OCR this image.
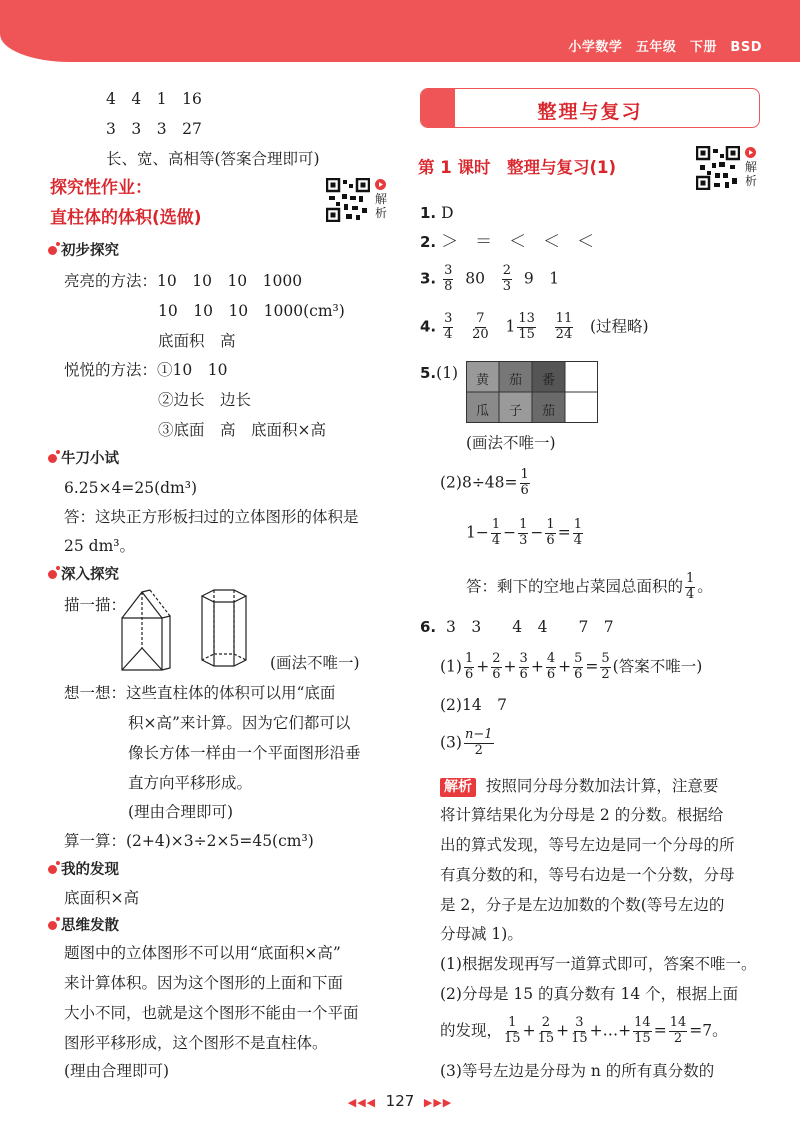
小学数学　五年级　下册　BSD
4　4　1　16
3　3　3　27
长、宽、高相等(答案合理即可)
探究性作业：
直柱体的体积(选做)
解析
初步探究
亮亮的方法：10　10　10　1000
10　10　10　1000(cm³)
底面积　高
悦悦的方法：①10　10
②边长　边长
③底面　高　底面积×高
牛刀小试
6.25×4=25(dm³)
答：这块正方形板扫过的立体图形的体积是
25 dm³。
深入探究
描一描：
(画法不唯一)
想一想：这些直柱体的体积可以用“底面
积×高”来计算。因为它们都可以
像长方体一样由一个平面图形沿垂
直方向平移形成。
(理由合理即可)
算一算：(2+4)×3÷2×5=45(cm³)
我的发现
底面积×高
思维发散
题图中的立体图形不可以用“底面积×高”
来计算体积。因为这个图形的上面和下面
大小不同，也就是这个图形不能由一个平面
图形平移形成，这个图形不是直柱体。
(理由合理即可)
整理与复习
第 1 课时　整理与复习(1)	解析
1. D
2. ＞　＝　＜　＜　＜
3. $\frac{3}{8} 80 \frac{2}{3} 9$　1
4. $\frac{3}{4}$
$\frac{7}{20} 1 \frac{13}{15}$
$\frac{11}{24}$ (过程略)
5.(1)	黄	茄	番
瓜	子	茄
(画法不唯一)
$(2)8\div 48= \frac{1}{6}$
$1- \frac{1}{4} - \frac{1}{3} - \frac{1}{6} = \frac{1}{4}$
答：剩下的空地占菜园总面积的 $\frac{1}{4}$ 。
6. 3　3　　4　4　　7　7
$(1) \frac{1}{6} + \frac{2}{6} + \frac{3}{6} + \frac{4}{6} + \frac{5}{6} = \frac{5}{2}$ (答案不唯一)
(2)14　7
$(3) \frac{n-1}{2}$
解析 按照同分母分数加法计算，注意要
将计算结果化为分母是 2 的分数。根据给
出的算式发现，等号左边是同一个分母的所
有真分数的和，等号右边是一个分数，分母
是 2，分子是左边加数的个数(等号左边的
分母减 1)。
(1)根据发现再写一道算式即可，答案不唯一。
(2)分母是 15 的真分数有 14 个，根据上面
的发现， $\frac{1}{15} + \frac{2}{15} + \frac{3}{15}$ +…+ $\frac{14}{15} = \frac{14}{2} =7$。
(3)等号左边是分母为 n 的所有真分数的
◀◀◀ 127 ▶▶▶
